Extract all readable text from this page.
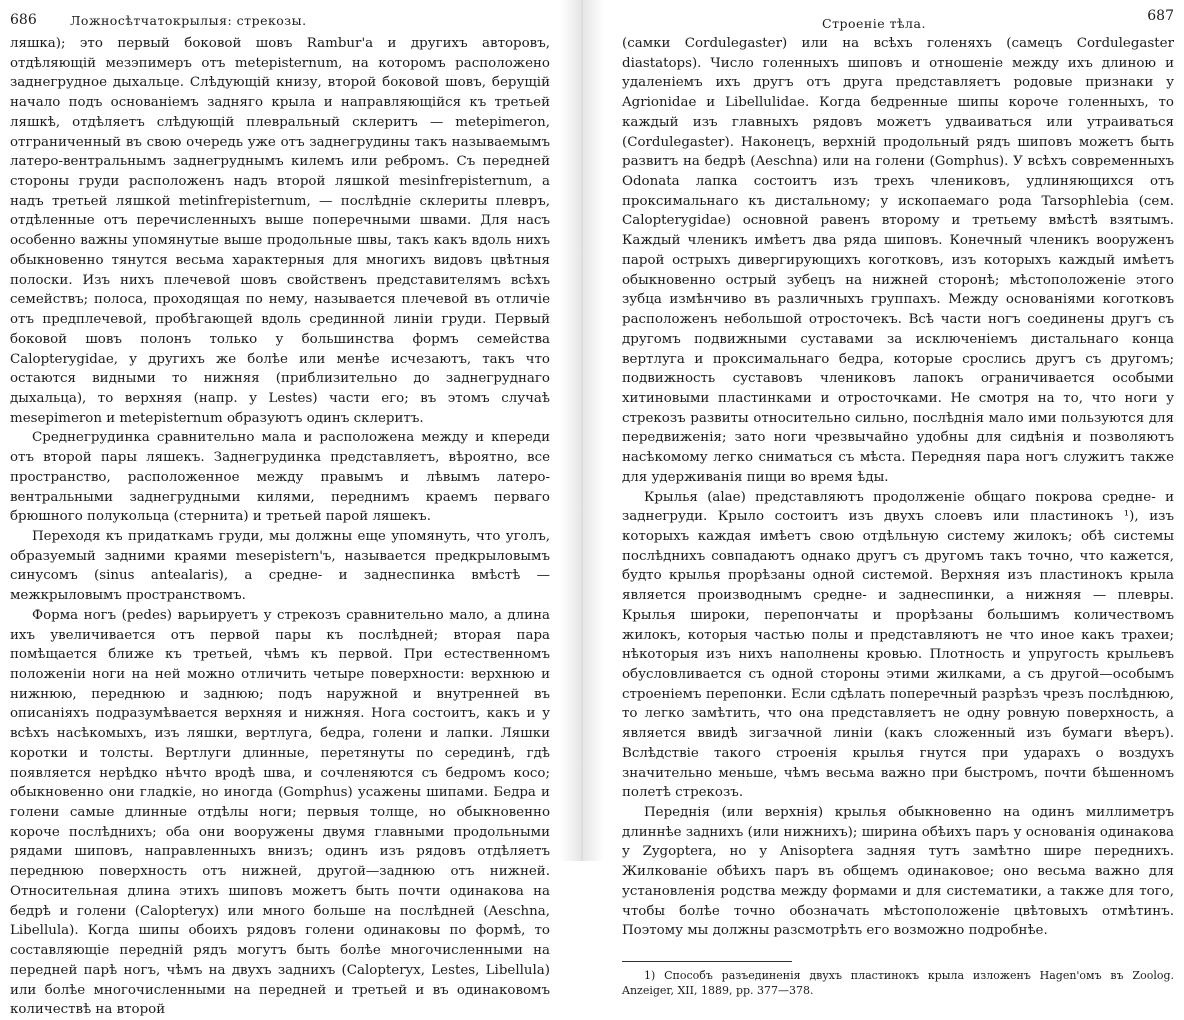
686	Ложносѣтчатокрылыя: стрекозы.

ляшка); это первый боковой шовъ Rambur'a и другихъ авторовъ, отдѣляющій мезэпимеръ отъ metepisternum, на которомъ расположено заднегрудное дыхальце. Слѣдующій книзу, второй боковой шовъ, берущій начало подъ основаніемъ задняго крыла и направляющійся къ третьей ляшкѣ, отдѣляетъ слѣдующій плевральный склеритъ — metepimeron, отграниченный въ свою очередь уже отъ заднегрудины такъ называемымъ латеро-вентральнымъ заднегруднымъ килемъ или ребромъ. Съ передней стороны груди расположенъ надъ второй ляшкой mesinfrepisternum, а надъ третьей ляшкой metinfrepisternum, — послѣдніе склериты плевръ, отдѣленные отъ перечисленныхъ выше поперечными швами. Для насъ особенно важны упомянутые выше продольные швы, такъ какъ вдоль нихъ обыкновенно тянутся весьма характерныя для многихъ видовъ цвѣтныя полоски. Изъ нихъ плечевой шовъ свойственъ представителямъ всѣхъ семействъ; полоса, проходящая по нему, называется плечевой въ отличіе отъ предплечевой, пробѣгающей вдоль срединной линіи груди. Первый боковой шовъ полонъ только у большинства формъ семейства Calopterygidae, у другихъ же болѣе или менѣе исчезаютъ, такъ что остаются видными то нижняя (приблизительно до заднегруднаго дыхальца), то верхняя (напр. у Lestes) части его; въ этомъ случаѣ mesepimeron и metepisternum образуютъ одинъ склеритъ.

Среднегрудинка сравнительно мала и расположена между и кпереди отъ второй пары ляшекъ. Заднегрудинка представляетъ, вѣроятно, все пространство, расположенное между правымъ и лѣвымъ латеро-вентральными заднегрудными килями, переднимъ краемъ перваго брюшного полукольца (стернита) и третьей парой ляшекъ.

Переходя къ придаткамъ груди, мы должны еще упомянуть, что уголъ, образуемый задними краями mesepistern'ъ, называется предкрыловымъ синусомъ (sinus antealaris), а средне- и заднеспинка вмѣстѣ — межкрыловымъ пространствомъ.

Форма ногъ (pedes) варьируетъ у стрекозъ сравнительно мало, а длина ихъ увеличивается отъ первой пары къ послѣдней; вторая пара помѣщается ближе къ третьей, чѣмъ къ первой. При естественномъ положеніи ноги на ней можно отличить четыре поверхности: верхнюю и нижнюю, переднюю и заднюю; подъ наружной и внутренней въ описаніяхъ подразумѣвается верхняя и нижняя. Нога состоитъ, какъ и у всѣхъ насѣкомыхъ, изъ ляшки, вертлуга, бедра, голени и лапки. Ляшки коротки и толсты. Вертлуги длинные, перетянуты по серединѣ, гдѣ появляется нерѣдко нѣчто вродѣ шва, и сочленяются съ бедромъ косо; обыкновенно они гладкіе, но иногда (Gomphus) усажены шипами. Бедра и голени самые длинные отдѣлы ноги; первыя толще, но обыкновенно короче послѣднихъ; оба они вооружены двумя главными продольными рядами шиповъ, направленныхъ внизъ; одинъ изъ рядовъ отдѣляетъ переднюю поверхность отъ нижней, другой—заднюю отъ нижней. Относительная длина этихъ шиповъ можетъ быть почти одинакова на бедрѣ и голени (Calopteryx) или много больше на послѣдней (Aeschna, Libellula). Когда шипы обоихъ рядовъ голени одинаковы по формѣ, то составляющіе передній рядъ могутъ быть болѣе многочисленными на передней парѣ ногъ, чѣмъ на двухъ заднихъ (Calopteryx, Lestes, Libellula) или болѣе многочисленными на передней и третьей и въ одинаковомъ количествѣ на второй

Строеніе тѣла.	687

(самки Cordulegaster) или на всѣхъ голеняхъ (самецъ Cordulegaster diastatops). Число голенныхъ шиповъ и отношеніе между ихъ длиною и удаленіемъ ихъ другъ отъ друга представляетъ родовые признаки у Agrionidae и Libellulidae. Когда бедренные шипы короче голенныхъ, то каждый изъ главныхъ рядовъ можетъ удваиваться или утраиваться (Cordulegaster). Наконецъ, верхній продольный рядъ шиповъ можетъ быть развитъ на бедрѣ (Aeschna) или на голени (Gomphus). У всѣхъ современныхъ Odonata лапка состоитъ изъ трехъ члениковъ, удлиняющихся отъ проксимальнаго къ дистальному; у ископаемаго рода Tarsophlebia (сем. Calopterygidae) основной равенъ второму и третьему вмѣстѣ взятымъ. Каждый членикъ имѣетъ два ряда шиповъ. Конечный членикъ вооруженъ парой острыхъ дивергирующихъ коготковъ, изъ которыхъ каждый имѣетъ обыкновенно острый зубецъ на нижней сторонѣ; мѣстоположеніе этого зубца измѣнчиво въ различныхъ группахъ. Между основаніями коготковъ расположенъ небольшой отросточекъ. Всѣ части ногъ соединены другъ съ другомъ подвижными суставами за исключеніемъ дистальнаго конца вертлуга и проксимальнаго бедра, которые срослись другъ съ другомъ; подвижность суставовъ члениковъ лапокъ ограничивается особыми хитиновыми пластинками и отросточками. Не смотря на то, что ноги у стрекозъ развиты относительно сильно, послѣднія мало ими пользуются для передвиженія; зато ноги чрезвычайно удобны для сидѣнія и позволяютъ насѣкомому легко сниматься съ мѣста. Передняя пара ногъ служитъ также для удерживанія пищи во время ѣды.

Крылья (alae) представляютъ продолженіе общаго покрова средне- и заднегруди. Крыло состоитъ изъ двухъ слоевъ или пластинокъ ¹), изъ которыхъ каждая имѣетъ свою отдѣльную систему жилокъ; обѣ системы послѣднихъ совпадаютъ однако другъ съ другомъ такъ точно, что кажется, будто крылья прорѣзаны одной системой. Верхняя изъ пластинокъ крыла является производнымъ средне- и заднеспинки, а нижняя — плевры. Крылья широки, перепончаты и прорѣзаны большимъ количествомъ жилокъ, которыя частью полы и представляютъ не что иное какъ трахеи; нѣкоторыя изъ нихъ наполнены кровью. Плотность и упругость крыльевъ обусловливается съ одной стороны этими жилками, а съ другой—особымъ строеніемъ перепонки. Если сдѣлать поперечный разрѣзъ чрезъ послѣднюю, то легко замѣтить, что она представляетъ не одну ровную поверхность, а является ввидѣ зигзачной линіи (какъ сложенный изъ бумаги вѣеръ). Вслѣдствіе такого строенія крылья гнутся при ударахъ о воздухъ значительно меньше, чѣмъ весьма важно при быстромъ, почти бѣшенномъ полетѣ стрекозъ.

Переднія (или верхнія) крылья обыкновенно на одинъ миллиметръ длиннѣе заднихъ (или нижнихъ); ширина обѣихъ паръ у основанія одинакова у Zygoptera, но у Anisoptera задняя тутъ замѣтно шире переднихъ. Жилкованіе обѣихъ паръ въ общемъ одинаковое; оно весьма важно для установленія родства между формами и для систематики, а также для того, чтобы болѣе точно обозначать мѣстоположеніе цвѣтовыхъ отмѣтинъ. Поэтому мы должны разсмотрѣть его возможно подробнѣе.

1) Способъ разъединенія двухъ пластинокъ крыла изложенъ Hagen'омъ въ Zoolog. Anzeiger, XII, 1889, pp. 377—378.
